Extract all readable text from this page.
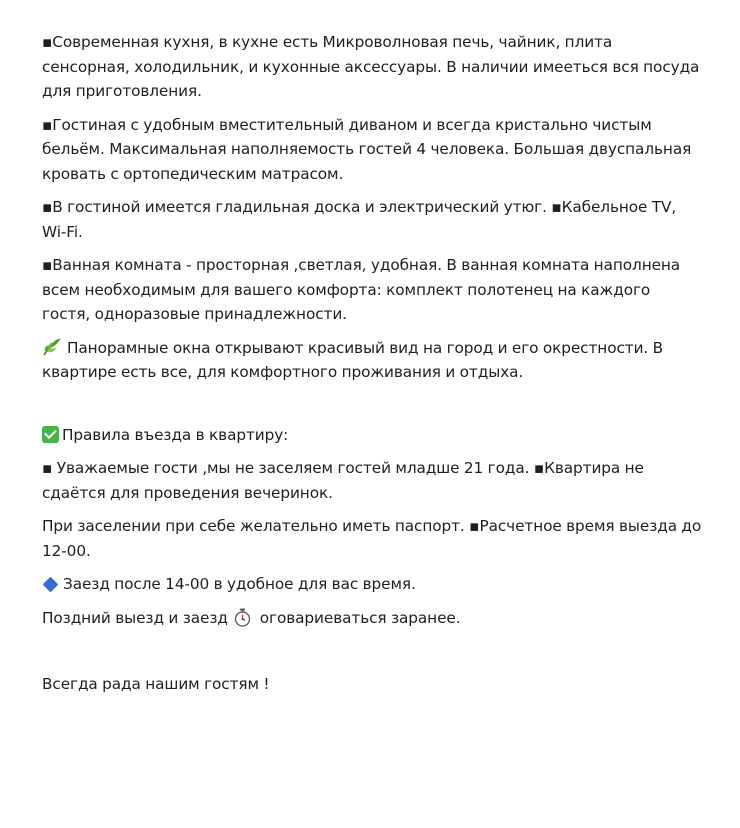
▪Современная кухня, в кухне есть Микроволновая печь, чайник, плита сенсорная, холодильник, и кухонные аксессуары. В наличии имееться вся посуда для приготовления.

▪Гостиная с удобным вместительный диваном и всегда кристально чистым бельём. Максимальная наполняемость гостей 4 человека. Большая двуспальная кровать с ортопедическим матрасом.

▪В гостиной имеется гладильная доска и электрический утюг. ▪Кабельное TV, Wi-Fi.

▪Ванная комната - просторная ,светлая, удобная. В ванная комната наполнена всем необходимым для вашего комфорта: комплект полотенец на каждого гостя, одноразовые принадлежности.

Панорамные окна открывают красивый вид на город и его окрестности. В квартире есть все, для комфортного проживания и отдыха.

Правила въезда в квартиру:

▪ Уважаемые гости ,мы не заселяем гостей младше 21 года. ▪Квартира не сдаётся для проведения вечеринок.

При заселении при себе желательно иметь паспорт. ▪Расчетное время выезда до 12-00.

Заезд после 14-00 в удобное для вас время.

Поздний выезд и заезд оговариеваться заранее.

Всегда рада нашим гостям !
